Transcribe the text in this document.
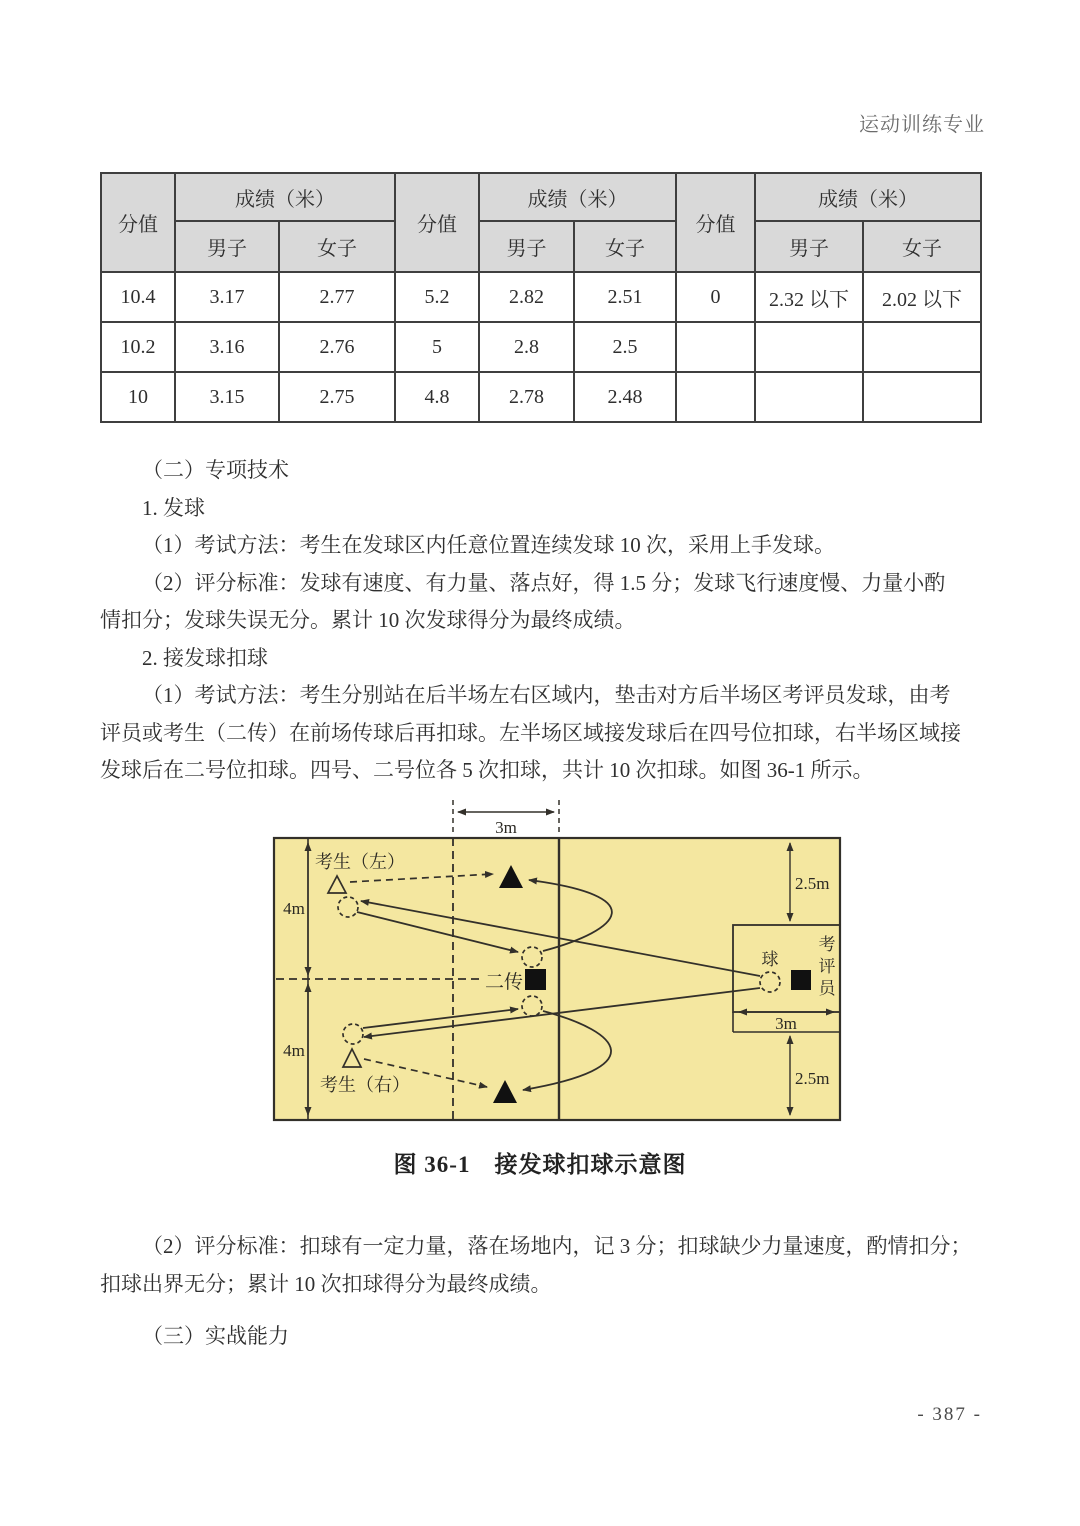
运动训练专业
分值	成绩（米）		分值	成绩（米）		分值	成绩（米）	
	男子	女子		男子	女子		男子	女子
10.4	3.17	2.77	5.2	2.82	2.51	0	2.32 以下	2.02 以下
10.2	3.16	2.76	5	2.8	2.5			
10	3.15	2.75	4.8	2.78	2.48			
（二）专项技术
1. 发球
（1）考试方法：考生在发球区内任意位置连续发球 10 次，采用上手发球。
（2）评分标准：发球有速度、有力量、落点好，得 1.5 分；发球飞行速度慢、力量小酌
情扣分；发球失误无分。累计 10 次发球得分为最终成绩。
2. 接发球扣球
（1）考试方法：考生分别站在后半场左右区域内，垫击对方后半场区考评员发球，由考
评员或考生（二传）在前场传球后再扣球。左半场区域接发球后在四号位扣球，右半场区域接
发球后在二号位扣球。四号、二号位各 5 次扣球，共计 10 次扣球。如图 36-1 所示。
3m
4m
4m
3m
2.5m
2.5m
球
考
评
员
二传
考生（左）
考生（右）
图 36-1　接发球扣球示意图
（2）评分标准：扣球有一定力量，落在场地内，记 3 分；扣球缺少力量速度，酌情扣分；
扣球出界无分；累计 10 次扣球得分为最终成绩。
（三）实战能力
- 387 -
